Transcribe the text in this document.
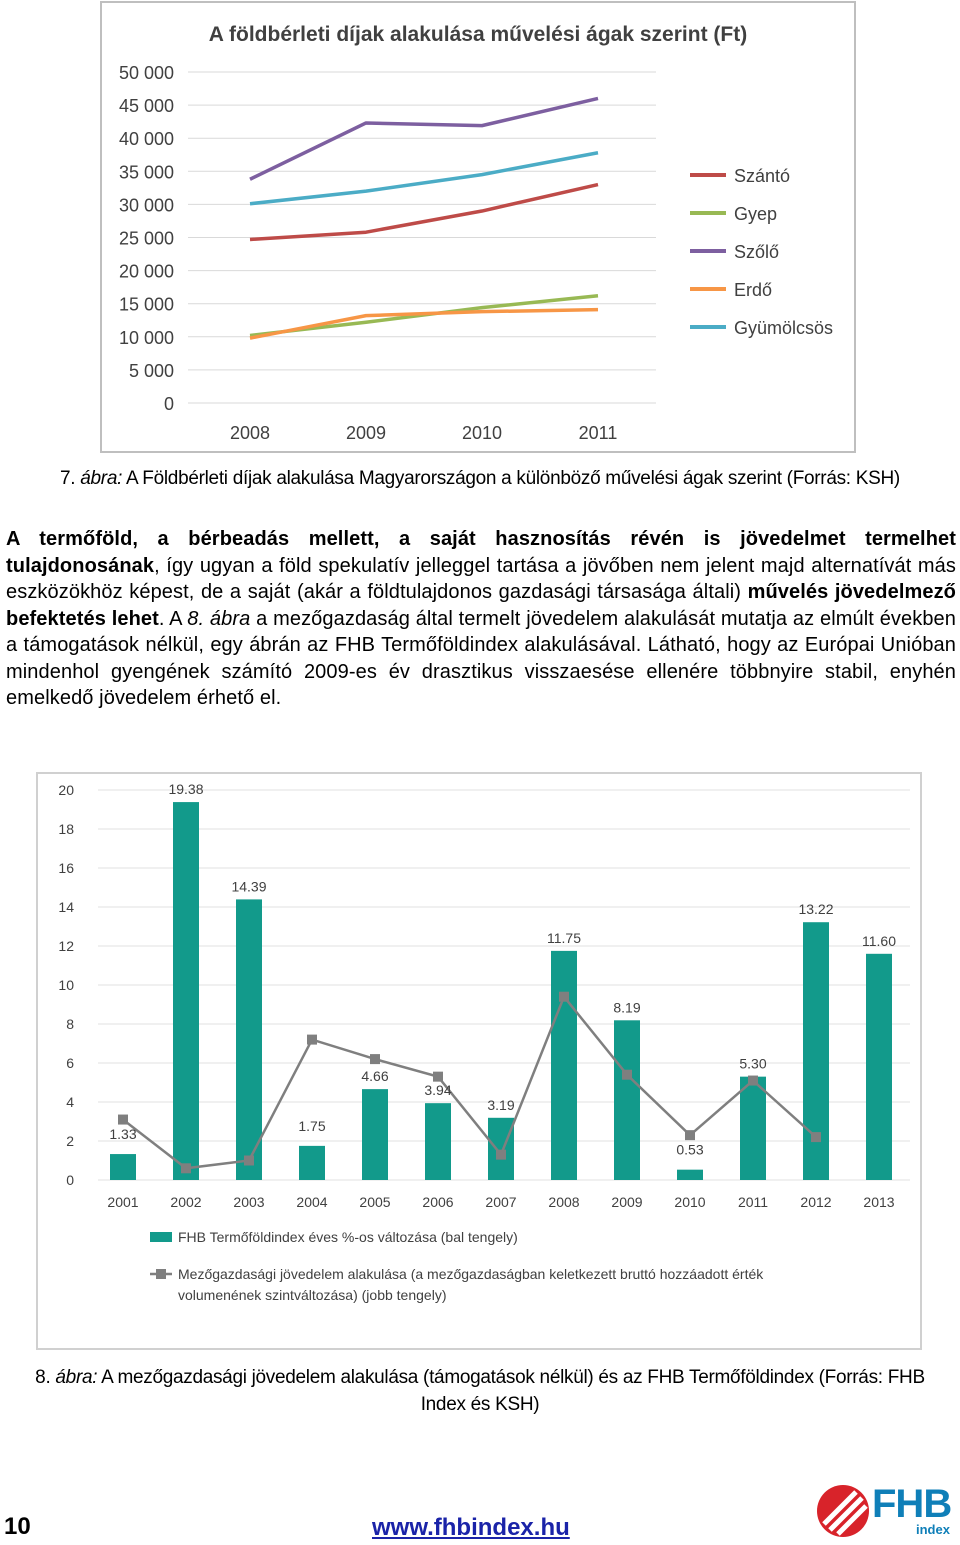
A földbérleti díjak alakulása művelési ágak szerint (Ft)
50 000
45 000
40 000
35 000
30 000
25 000
20 000
15 000
10 000
5 000
0
2008	2009	2010	2011
Szántó
Gyep
Szőlő
Erdő
Gyümölcsös
7. ábra: A Földbérleti díjak alakulása Magyarországon a különböző művelési ágak szerint (Forrás: KSH)

A termőföld, a bérbeadás mellett, a saját hasznosítás révén is jövedelmet termelhet tulajdonosának, így ugyan a föld spekulatív jelleggel tartása a jövőben nem jelent majd alternatívát más eszközökhöz képest, de a saját (akár a földtulajdonos gazdasági társasága általi) művelés jövedelmező befektetés lehet. A 8. ábra a mezőgazdaság által termelt jövedelem alakulását mutatja az elmúlt években a támogatások nélkül, egy ábrán az FHB Termőföldindex alakulásával. Látható, hogy az Európai Unióban mindenhol gyengének számító 2009-es év drasztikus visszaesése ellenére többnyire stabil, enyhén emelkedő jövedelem érhető el.

20
18
16
14
12
10
8
6
4
2
0
2001 2002 2003 2004 2005 2006 2007 2008 2009 2010 2011 2012 2013
1.33
19.38
14.39
1.75
4.66
3.94
3.19
11.75
8.19
0.53
5.30
13.22
11.60
FHB Termőföldindex éves %-os változása (bal tengely)
Mezőgazdasági jövedelem alakulása (a mezőgazdaságban keletkezett bruttó hozzáadott érték
volumenének szintváltozása) (jobb tengely)
8. ábra: A mezőgazdasági jövedelem alakulása (támogatások nélkül) és az FHB Termőföldindex (Forrás: FHB
Index és KSH)
10	www.fhbindex.hu
FHB
index
